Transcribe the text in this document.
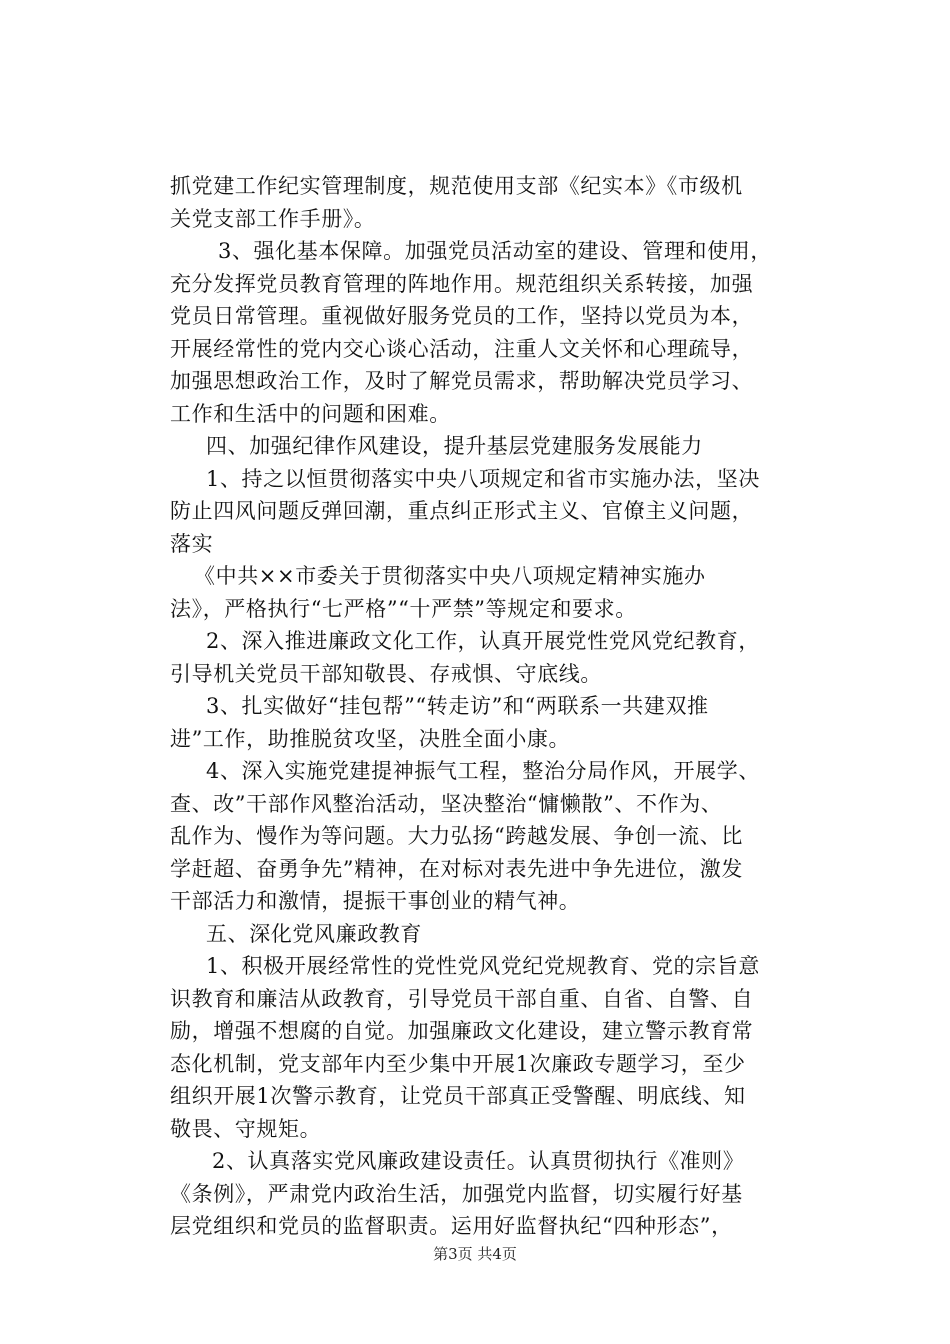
抓党建工作纪实管理制度，规范使用支部《纪实本》《市级机
关党支部工作手册》。
3、强化基本保障。加强党员活动室的建设、管理和使用，
充分发挥党员教育管理的阵地作用。规范组织关系转接，加强
党员日常管理。重视做好服务党员的工作，坚持以党员为本，
开展经常性的党内交心谈心活动，注重人文关怀和心理疏导，
加强思想政治工作，及时了解党员需求，帮助解决党员学习、
工作和生活中的问题和困难。
四、加强纪律作风建设，提升基层党建服务发展能力
1、持之以恒贯彻落实中央八项规定和省市实施办法，坚决
防止四风问题反弹回潮，重点纠正形式主义、官僚主义问题，
落实
《中共××市委关于贯彻落实中央八项规定精神实施办
法》，严格执行“七严格”“十严禁”等规定和要求。
2、深入推进廉政文化工作，认真开展党性党风党纪教育，
引导机关党员干部知敬畏、存戒惧、守底线。
3、扎实做好“挂包帮”“转走访”和“两联系一共建双推
进”工作，助推脱贫攻坚，决胜全面小康。
4、深入实施党建提神振气工程，整治分局作风，开展学、
查、改”干部作风整治活动，坚决整治“慵懒散”、不作为、
乱作为、慢作为等问题。大力弘扬“跨越发展、争创一流、比
学赶超、奋勇争先”精神，在对标对表先进中争先进位，激发
干部活力和激情，提振干事创业的精气神。
五、深化党风廉政教育
1、积极开展经常性的党性党风党纪党规教育、党的宗旨意
识教育和廉洁从政教育，引导党员干部自重、自省、自警、自
励，增强不想腐的自觉。加强廉政文化建设，建立警示教育常
态化机制，党支部年内至少集中开展1次廉政专题学习，至少
组织开展1次警示教育，让党员干部真正受警醒、明底线、知
敬畏、守规矩。
2、认真落实党风廉政建设责任。认真贯彻执行《准则》
《条例》，严肃党内政治生活，加强党内监督，切实履行好基
层党组织和党员的监督职责。运用好监督执纪“四种形态”，
第3页 共4页
